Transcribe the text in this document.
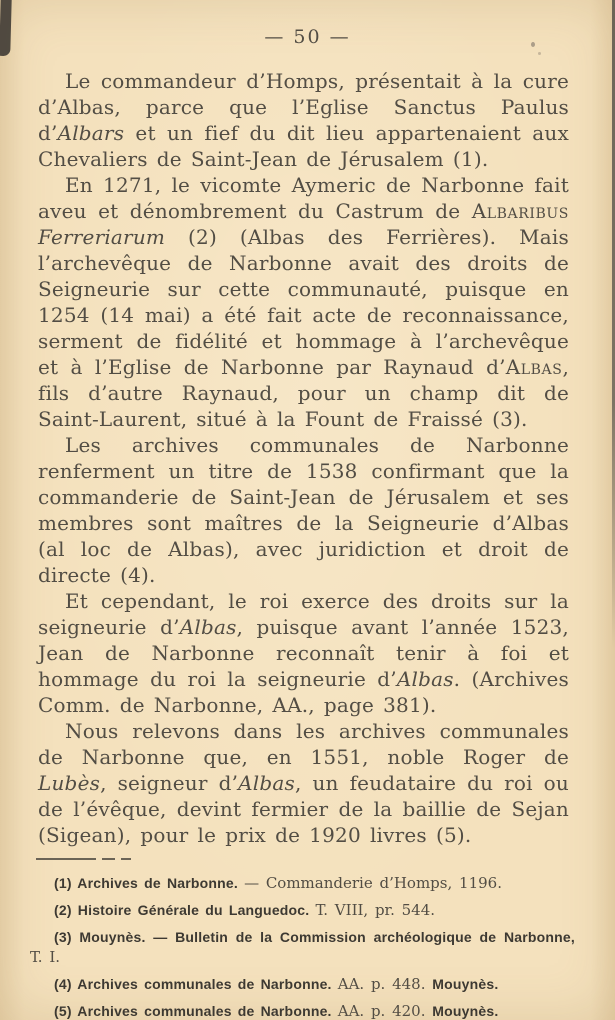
— 50 —

Le commandeur d’Homps, présentait à la cure d’Albas, parce que l’Eglise Sanctus Paulus d’Albars et un fief du dit lieu appartenaient aux Chevaliers de Saint-Jean de Jérusalem (1).

En 1271, le vicomte Aymeric de Narbonne fait aveu et dénombrement du Castrum de Albaribus Ferreriarum (2) (Albas des Ferrières). Mais l’archevêque de Narbonne avait des droits de Seigneurie sur cette communauté, puisque en 1254 (14 mai) a été fait acte de reconnaissance, serment de fidélité et hommage à l’archevêque et à l’Eglise de Narbonne par Raynaud d’Albas, fils d’autre Raynaud, pour un champ dit de Saint-Laurent, situé à la Fount de Fraissé (3).

Les archives communales de Narbonne renferment un titre de 1538 confirmant que la commanderie de Saint-Jean de Jérusalem et ses membres sont maîtres de la Seigneurie d’Albas (al loc de Albas), avec juridiction et droit de directe (4).

Et cependant, le roi exerce des droits sur la seigneurie d’Albas, puisque avant l’année 1523, Jean de Narbonne reconnaît tenir à foi et hommage du roi la seigneurie d’Albas. (Archives Comm. de Narbonne, AA., page 381).

Nous relevons dans les archives communales de Narbonne que, en 1551, noble Roger de Lubès, seigneur d’Albas, un feudataire du roi ou de l’évêque, devint fermier de la baillie de Sejan (Sigean), pour le prix de 1920 livres (5).

(1) Archives de Narbonne. — Commanderie d’Homps, 1196.

(2) Histoire Générale du Languedoc. T. VIII, pr. 544.

(3) Mouynès. — Bulletin de la Commission archéologique de Narbonne, T. I.

(4) Archives communales de Narbonne. AA. p. 448. Mouynès.

(5) Archives communales de Narbonne. AA. p. 420. Mouynès.
